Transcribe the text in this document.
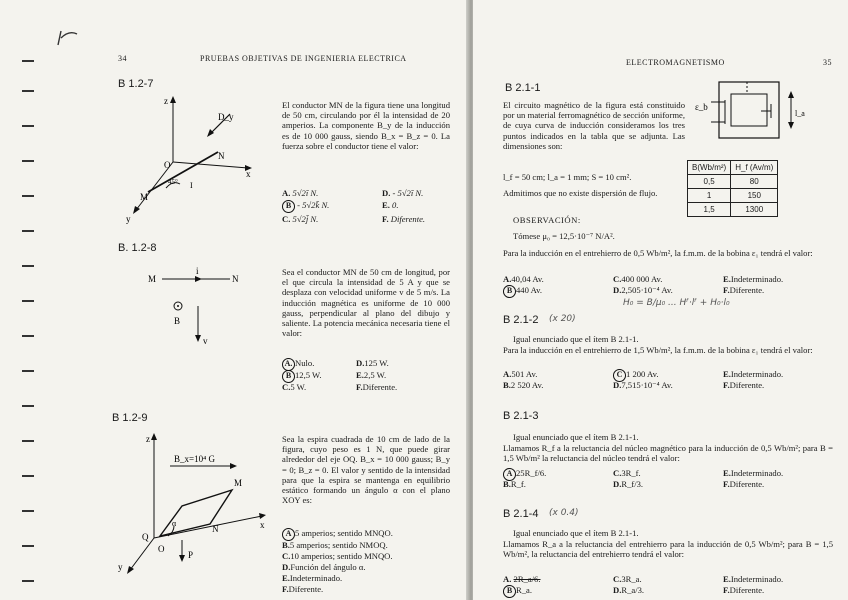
34	PRUEBAS OBJETIVAS DE INGENIERIA ELECTRICA
B 1.2-7
z
D_y
O
N
x
45° I
M
y
El conductor MN de la figura tiene una longitud de 50 cm, circulando por él la intensidad de 20 amperios. La componente B_y de la inducción es de 10 000 gauss, siendo B_x = B_z = 0. La fuerza sobre el conductor tiene el valor:
A. 5√2ī N.	D. - 5√2ī N.
B - 5√2k̄ N.	E. 0.
C. 5√2j̄ N.	F. Diferente.
B. 1.2-8
M
i
N
B
v
Sea el conductor MN de 50 cm de longitud, por el que circula la intensidad de 5 A y que se desplaza con velocidad uniforme v de 5 m/s. La inducción magnética es uniforme de 10 000 gauss, perpendicular al plano del dibujo y saliente. La potencia mecánica necesaria tiene el valor:
A. Nulo.	D. 125 W.
B 12,5 W.	E. 2,5 W.
C. 5 W.	F. Diferente.
B 1.2-9
z
B_x=10⁴ G
M
N	x
Q
α
O
P
y
Sea la espira cuadrada de 10 cm de lado de la figura, cuyo peso es 1 N, que puede girar alrededor del eje OQ. B_x = 10 000 gauss; B_y = 0; B_z = 0. El valor y sentido de la intensidad para que la espira se mantenga en equilibrio estático formando un ángulo α con el plano XOY es:
A 5 amperios; sentido MNQO.
B. 5 amperios; sentido NMOQ.
C. 10 amperios; sentido MNQO.
D. Función del ángulo α.
E. Indeterminado.
F. Diferente.
ELECTROMAGNETISMO	35
B 2.1-1
ε_b
l_a
El circuito magnético de la figura está constituido por un material ferromagnético de sección uniforme, de cuya curva de inducción consideramos los tres puntos indicados en la tabla que se adjunta. Las dimensiones son:
l_f = 50 cm; l_a = 1 mm; S = 10 cm².
Admitimos que no existe dispersión de flujo.
OBSERVACIÓN:
Tómese μ₀ = 12,5·10⁻⁷ N/A².
B(Wb/m²)	H_f (Av/m)
0,5	80
1	150
1,5	1300
Para la inducción en el entrehierro de 0,5 Wb/m², la f.m.m. de la bobina ε₁ tendrá el valor:
A. 40,04 Av.	C. 400 000 Av.	E. Indeterminado.
B 440 Av.	D. 2,505·10⁻⁴ Av.	F. Diferente.
H₀ = B/μ₀ ... Hᶠ·lᶠ + H₀·l₀
B 2.1-2 (x 20)
Igual enunciado que el ítem B 2.1-1.
Para la inducción en el entrehierro de 1,5 Wb/m², la f.m.m. de la bobina ε₁ tendrá el valor:
A. 501 Av.	C 1 200 Av.	E. Indeterminado.
B. 2 520 Av.	D. 7,515·10⁻⁴ Av.	F. Diferente.
B 2.1-3
Igual enunciado que el ítem B 2.1-1.
Llamamos R_f a la reluctancia del núcleo magnético para la inducción de 0,5 Wb/m²; para B = 1,5 Wb/m² la reluctancia del núcleo tendrá el valor:
A 25R_f/6.	C. 3R_f.	E. Indeterminado.
B. R_f.	D. R_f/3.	F. Diferente.
B 2.1-4 (x 0.4)
Igual enunciado que el ítem B 2.1-1.
Llamamos R_a a la reluctancia del entrehierro para la inducción de 0,5 Wb/m²; para B = 1,5 Wb/m², la reluctancia del entrehierro tendrá el valor:
A. 2R_a/6.	C. 3R_a.	E. Indeterminado.
B R_a.	D. R_a/3.	F. Diferente.
